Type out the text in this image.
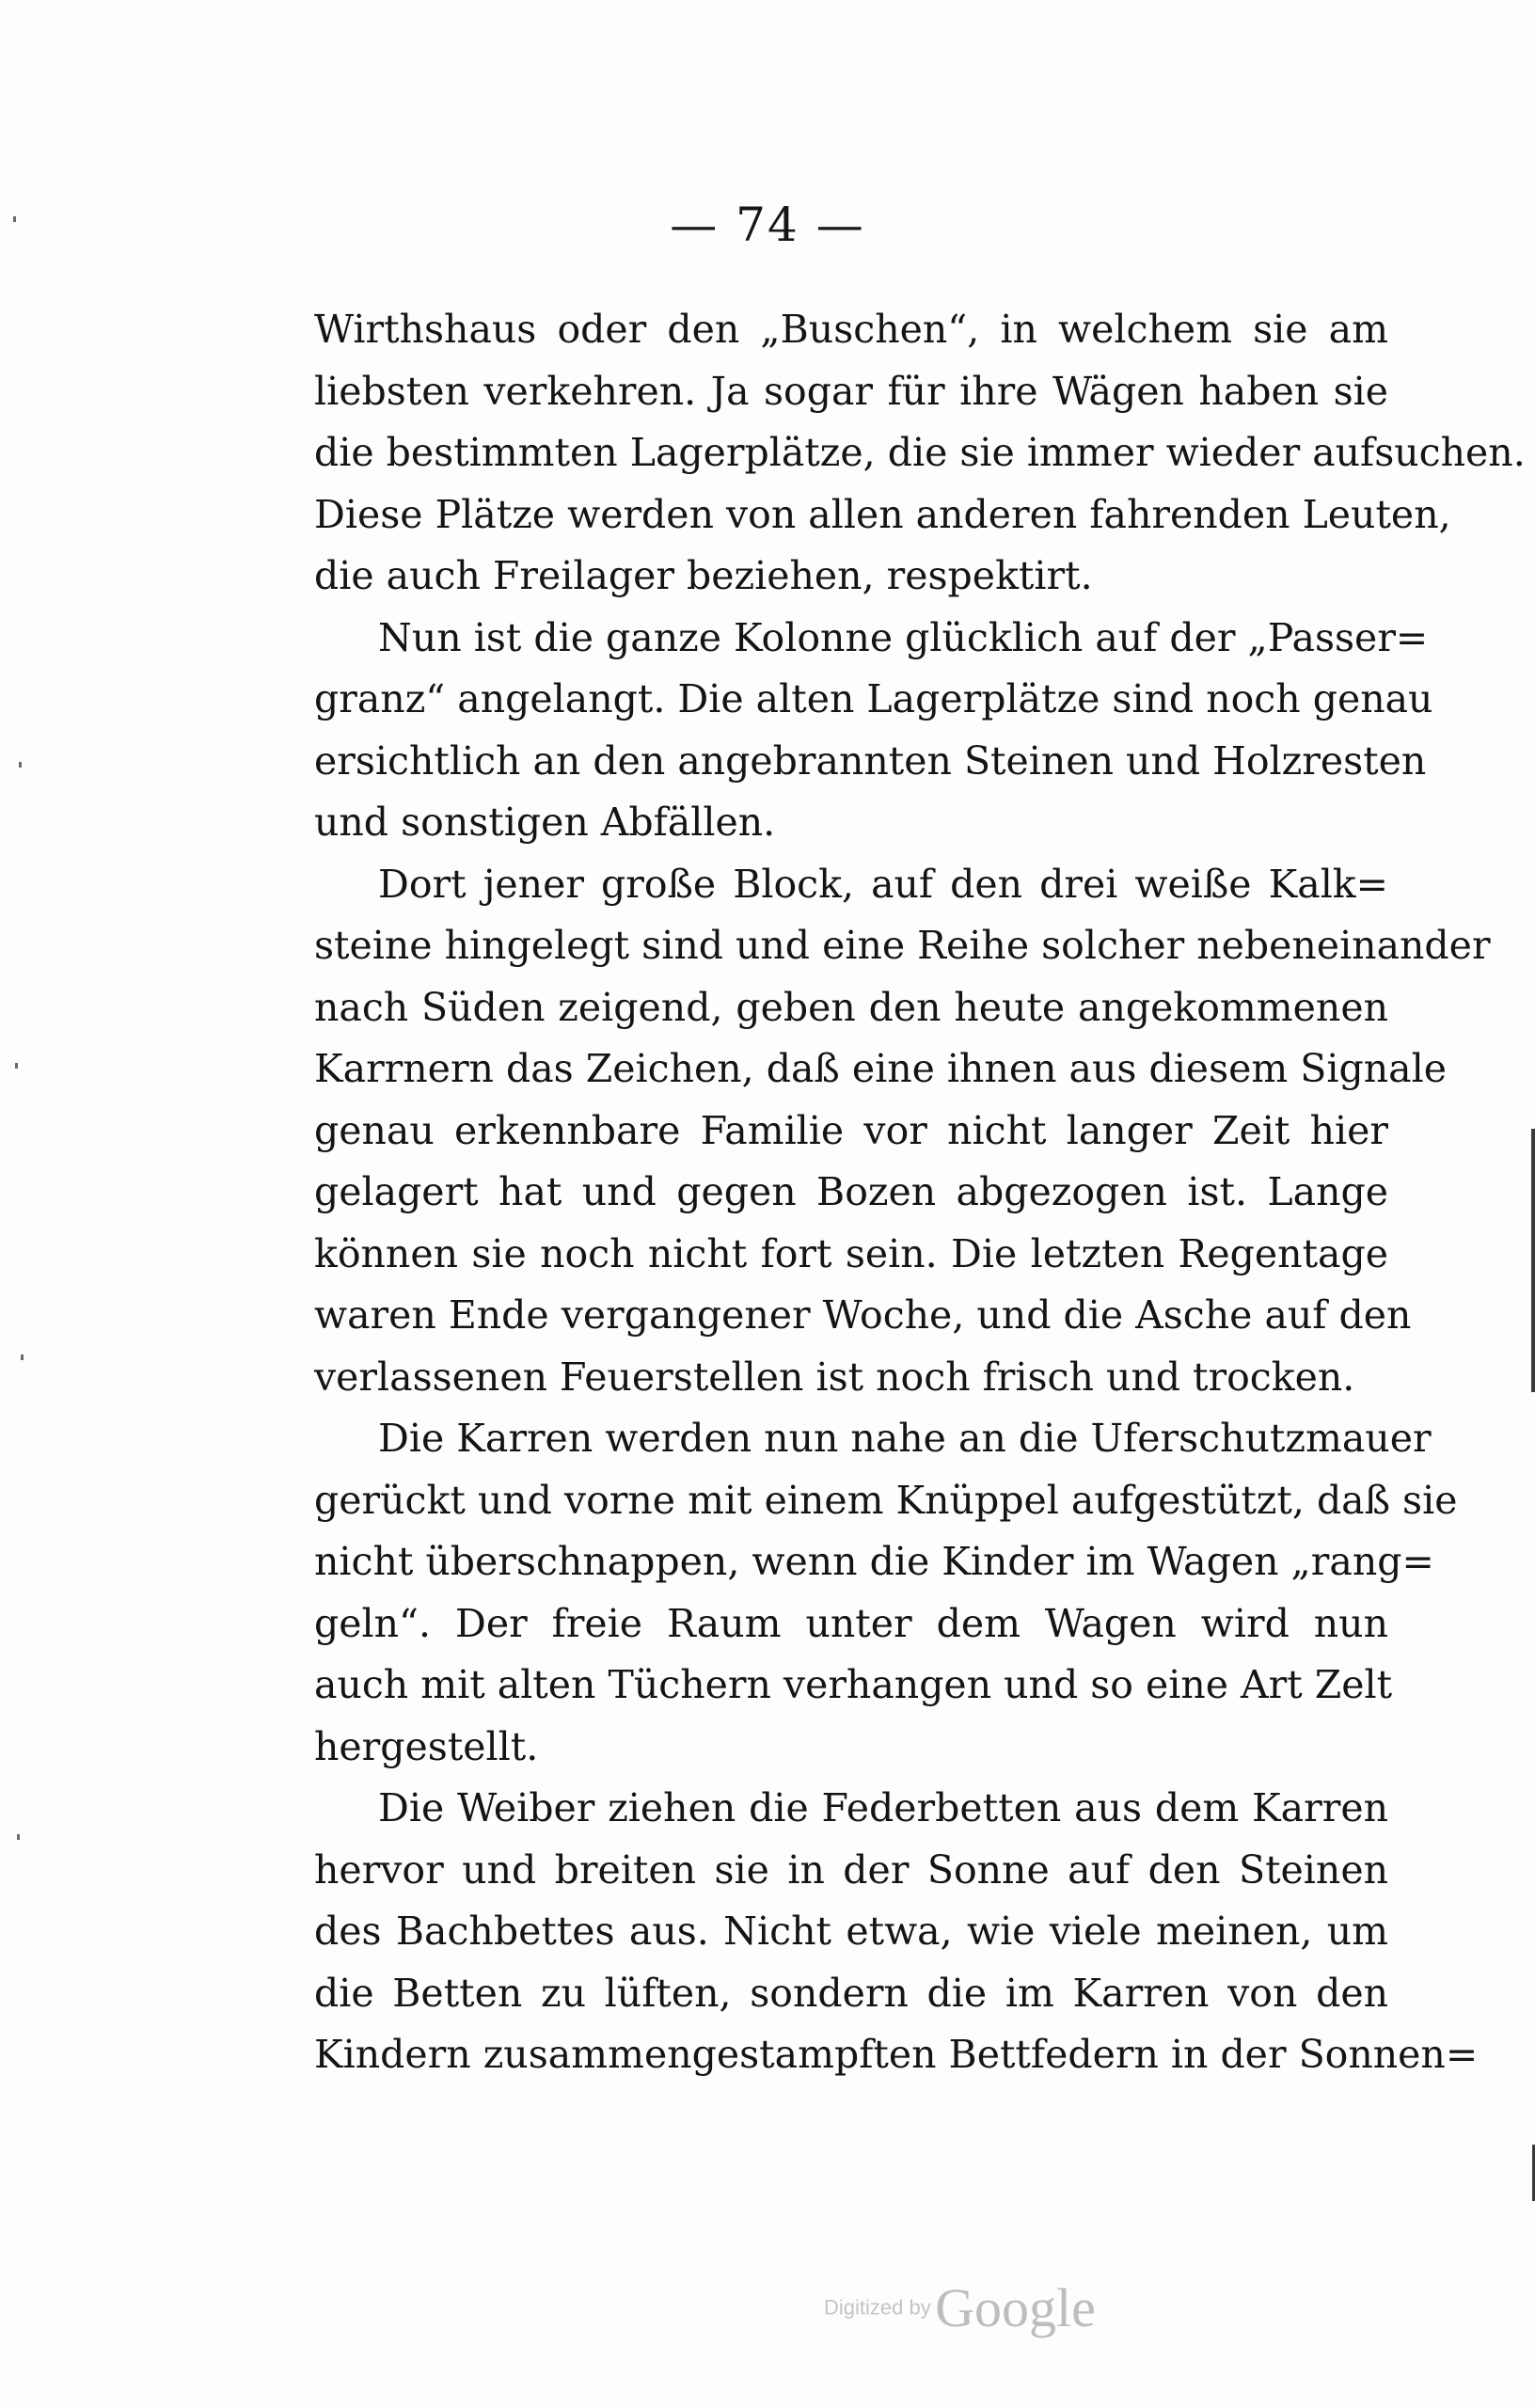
— 74 —
Wirthshaus oder den „Buschen“, in welchem sie am
liebsten verkehren. Ja sogar für ihre Wägen haben sie
die bestimmten Lagerplätze, die sie immer wieder aufsuchen.
Diese Plätze werden von allen anderen fahrenden Leuten,
die auch Freilager beziehen, respektirt.
Nun ist die ganze Kolonne glücklich auf der „Passer=
granz“ angelangt. Die alten Lagerplätze sind noch genau
ersichtlich an den angebrannten Steinen und Holzresten
und sonstigen Abfällen.
Dort jener große Block, auf den drei weiße Kalk=
steine hingelegt sind und eine Reihe solcher nebeneinander
nach Süden zeigend, geben den heute angekommenen
Karrnern das Zeichen, daß eine ihnen aus diesem Signale
genau erkennbare Familie vor nicht langer Zeit hier
gelagert hat und gegen Bozen abgezogen ist. Lange
können sie noch nicht fort sein. Die letzten Regentage
waren Ende vergangener Woche, und die Asche auf den
verlassenen Feuerstellen ist noch frisch und trocken.
Die Karren werden nun nahe an die Uferschutzmauer
gerückt und vorne mit einem Knüppel aufgestützt, daß sie
nicht überschnappen, wenn die Kinder im Wagen „rang=
geln“. Der freie Raum unter dem Wagen wird nun
auch mit alten Tüchern verhangen und so eine Art Zelt
hergestellt.
Die Weiber ziehen die Federbetten aus dem Karren
hervor und breiten sie in der Sonne auf den Steinen
des Bachbettes aus. Nicht etwa, wie viele meinen, um
die Betten zu lüften, sondern die im Karren von den
Kindern zusammengestampften Bettfedern in der Sonnen=
Digitized by Google
